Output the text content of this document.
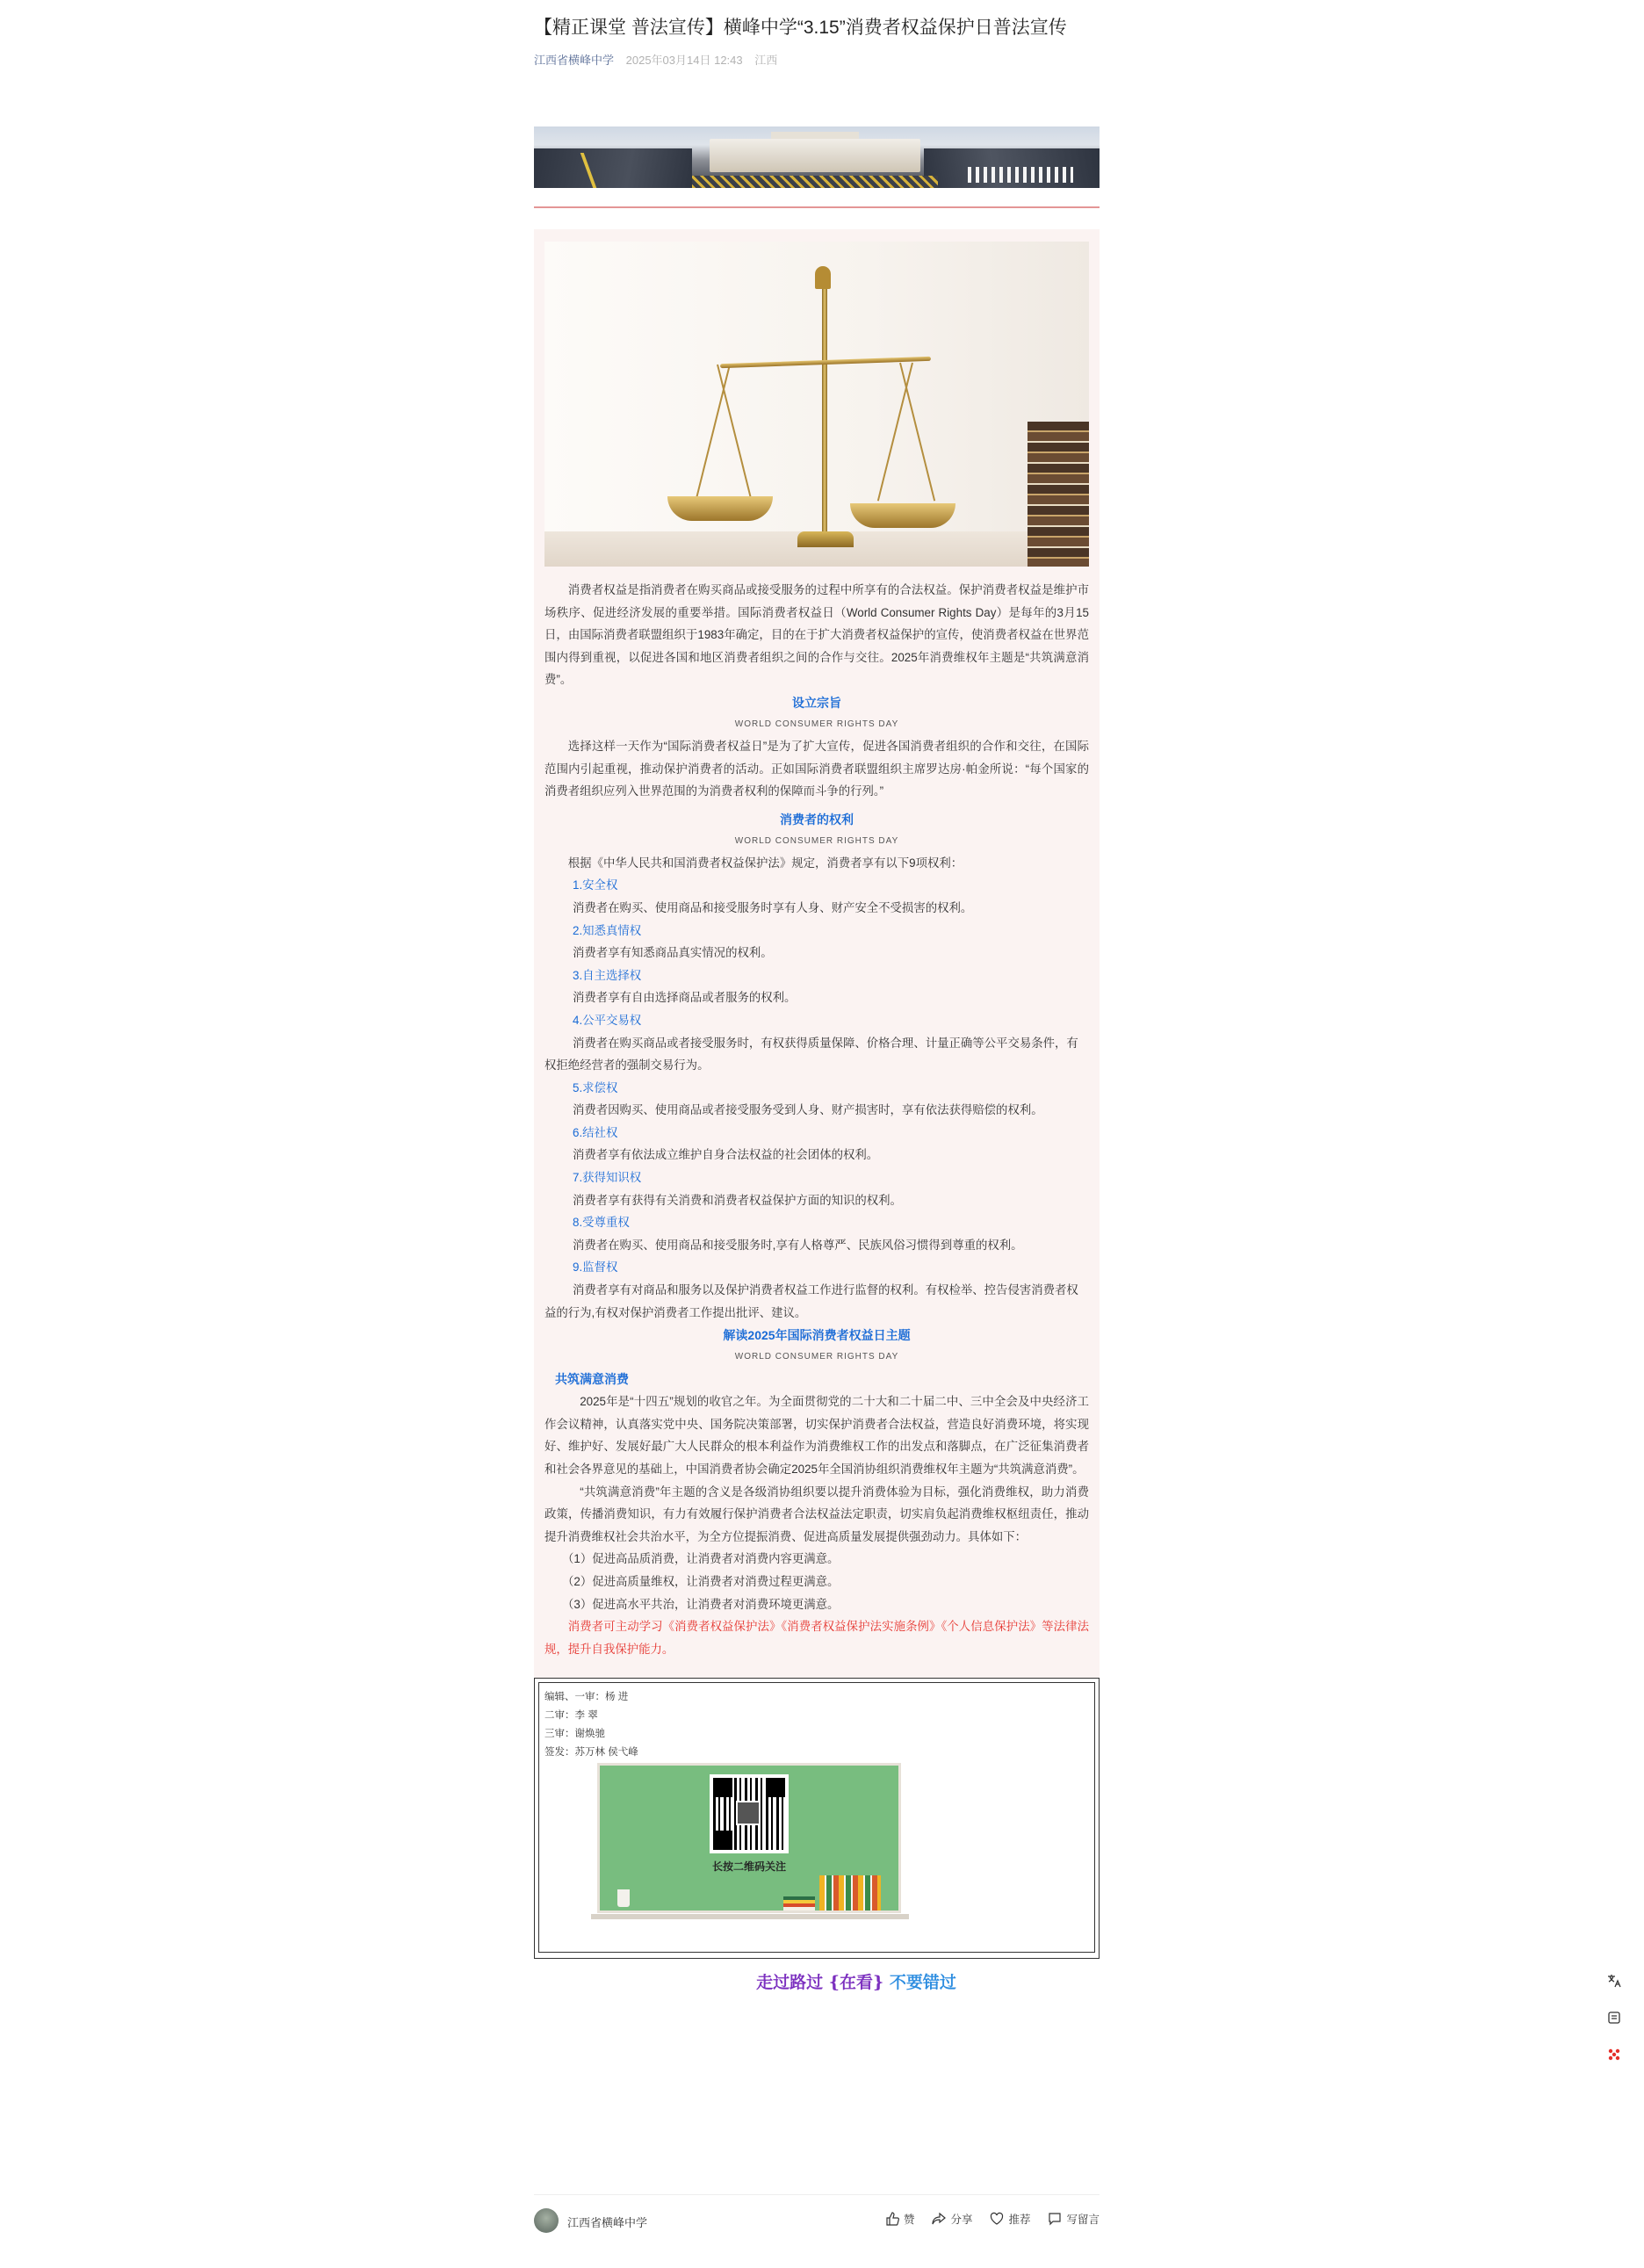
【精正课堂 普法宣传】横峰中学“3.15”消费者权益保护日普法宣传
江西省横峰中学 2025年03月14日 12:43 江西

消费者权益是指消费者在购买商品或接受服务的过程中所享有的合法权益。保护消费者权益是维护市场秩序、促进经济发展的重要举措。国际消费者权益日（World Consumer Rights Day）是每年的3月15日，由国际消费者联盟组织于1983年确定，目的在于扩大消费者权益保护的宣传，使消费者权益在世界范围内得到重视，以促进各国和地区消费者组织之间的合作与交往。2025年消费维权年主题是“共筑满意消费”。

设立宗旨

WORLD CONSUMER RIGHTS DAY

选择这样一天作为“国际消费者权益日”是为了扩大宣传，促进各国消费者组织的合作和交往，在国际范围内引起重视，推动保护消费者的活动。正如国际消费者联盟组织主席罗达房·帕金所说：“每个国家的消费者组织应列入世界范围的为消费者权利的保障而斗争的行列。”

消费者的权利

WORLD CONSUMER RIGHTS DAY

根据《中华人民共和国消费者权益保护法》规定，消费者享有以下9项权利：

1.安全权

消费者在购买、使用商品和接受服务时享有人身、财产安全不受损害的权利。

2.知悉真情权

消费者享有知悉商品真实情况的权利。

3.自主选择权

消费者享有自由选择商品或者服务的权利。

4.公平交易权

消费者在购买商品或者接受服务时，有权获得质量保障、价格合理、计量正确等公平交易条件，有权拒绝经营者的强制交易行为。

5.求偿权

消费者因购买、使用商品或者接受服务受到人身、财产损害时，享有依法获得赔偿的权利。

6.结社权

消费者享有依法成立维护自身合法权益的社会团体的权利。

7.获得知识权

消费者享有获得有关消费和消费者权益保护方面的知识的权利。

8.受尊重权

消费者在购买、使用商品和接受服务时,享有人格尊严、民族风俗习惯得到尊重的权利。

9.监督权

消费者享有对商品和服务以及保护消费者权益工作进行监督的权利。有权检举、控告侵害消费者权益的行为,有权对保护消费者工作提出批评、建议。

解读2025年国际消费者权益日主题

WORLD CONSUMER RIGHTS DAY

共筑满意消费

2025年是“十四五”规划的收官之年。为全面贯彻党的二十大和二十届二中、三中全会及中央经济工作会议精神，认真落实党中央、国务院决策部署，切实保护消费者合法权益，营造良好消费环境，将实现好、维护好、发展好最广大人民群众的根本利益作为消费维权工作的出发点和落脚点，在广泛征集消费者和社会各界意见的基础上，中国消费者协会确定2025年全国消协组织消费维权年主题为“共筑满意消费”。

“共筑满意消费”年主题的含义是各级消协组织要以提升消费体验为目标，强化消费维权，助力消费政策，传播消费知识，有力有效履行保护消费者合法权益法定职责，切实肩负起消费维权枢纽责任，推动提升消费维权社会共治水平，为全方位提振消费、促进高质量发展提供强劲动力。具体如下：

（1）促进高品质消费，让消费者对消费内容更满意。

（2）促进高质量维权，让消费者对消费过程更满意。

（3）促进高水平共治，让消费者对消费环境更满意。

消费者可主动学习《消费者权益保护法》《消费者权益保护法实施条例》《个人信息保护法》等法律法规，提升自我保护能力。

编辑、一审：杨 进
二审：李 翠
三审：谢焕驰
签发：苏万林 侯弋峰
长按二维码关注
走过路过 {在看} 不要错过
江西省横峰中学	赞	分享	推荐	写留言
